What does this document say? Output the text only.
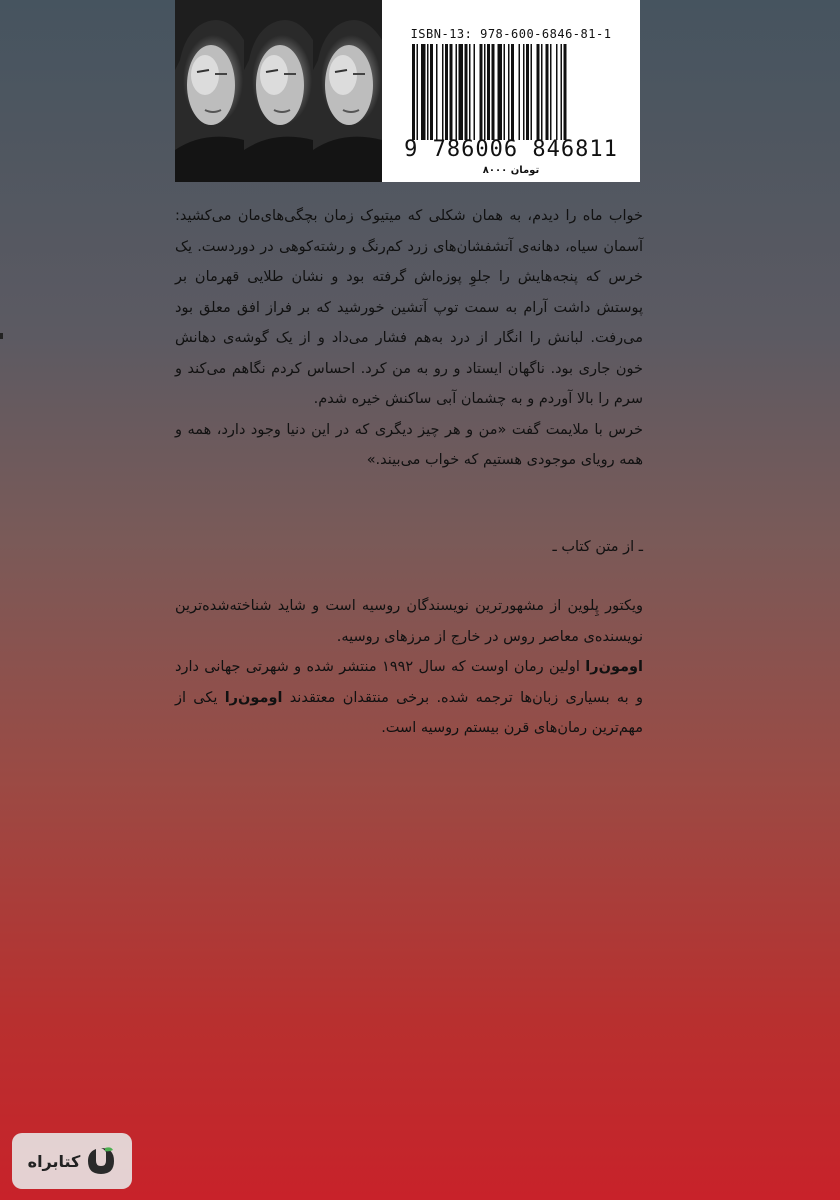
ISBN-13: 978-600-6846-81-1
9 786006 846811
۸۰۰۰ تومان

خواب ماه را دیدم، به همان شکلی که میتیوک زمان بچگی‌های‌مان می‌کشید: آسمان سیاه، دهانه‌ی آتشفشان‌های زرد کم‌رنگ و رشته‌کوهی در دوردست. یک خرس که پنجه‌هایش را جلوِ پوزه‌اش گرفته بود و نشان طلایی قهرمان بر پوستش داشت آرام به سمت توپ آتشین خورشید که بر فراز افق معلق بود می‌رفت. لبانش را انگار از درد به‌هم فشار می‌داد و از یک گوشه‌ی دهانش خون جاری بود. ناگهان ایستاد و رو به من کرد. احساس کردم نگاهم می‌کند و سرم را بالا آوردم و به چشمان آبی ساکنش خیره شدم.

خرس با ملایمت گفت «من و هر چیز دیگری که در این دنیا وجود دارد، همه و همه رویای موجودی هستیم که خواب می‌بیند.»

ـ از متن کتاب ـ

ویکتور پِلوین از مشهورترین نویسندگان روسیه است و شاید شناخته‌شده‌ترین نویسنده‌ی معاصر روس در خارج از مرزهای روسیه.
اومون‌را اولین رمان اوست که سال ۱۹۹۲ منتشر شده و شهرتی جهانی دارد و به بسیاری زبان‌ها ترجمه شده. برخی منتقدان معتقدند اومون‌را یکی از مهم‌ترین رمان‌های قرن بیستم روسیه است.

کتابراه
